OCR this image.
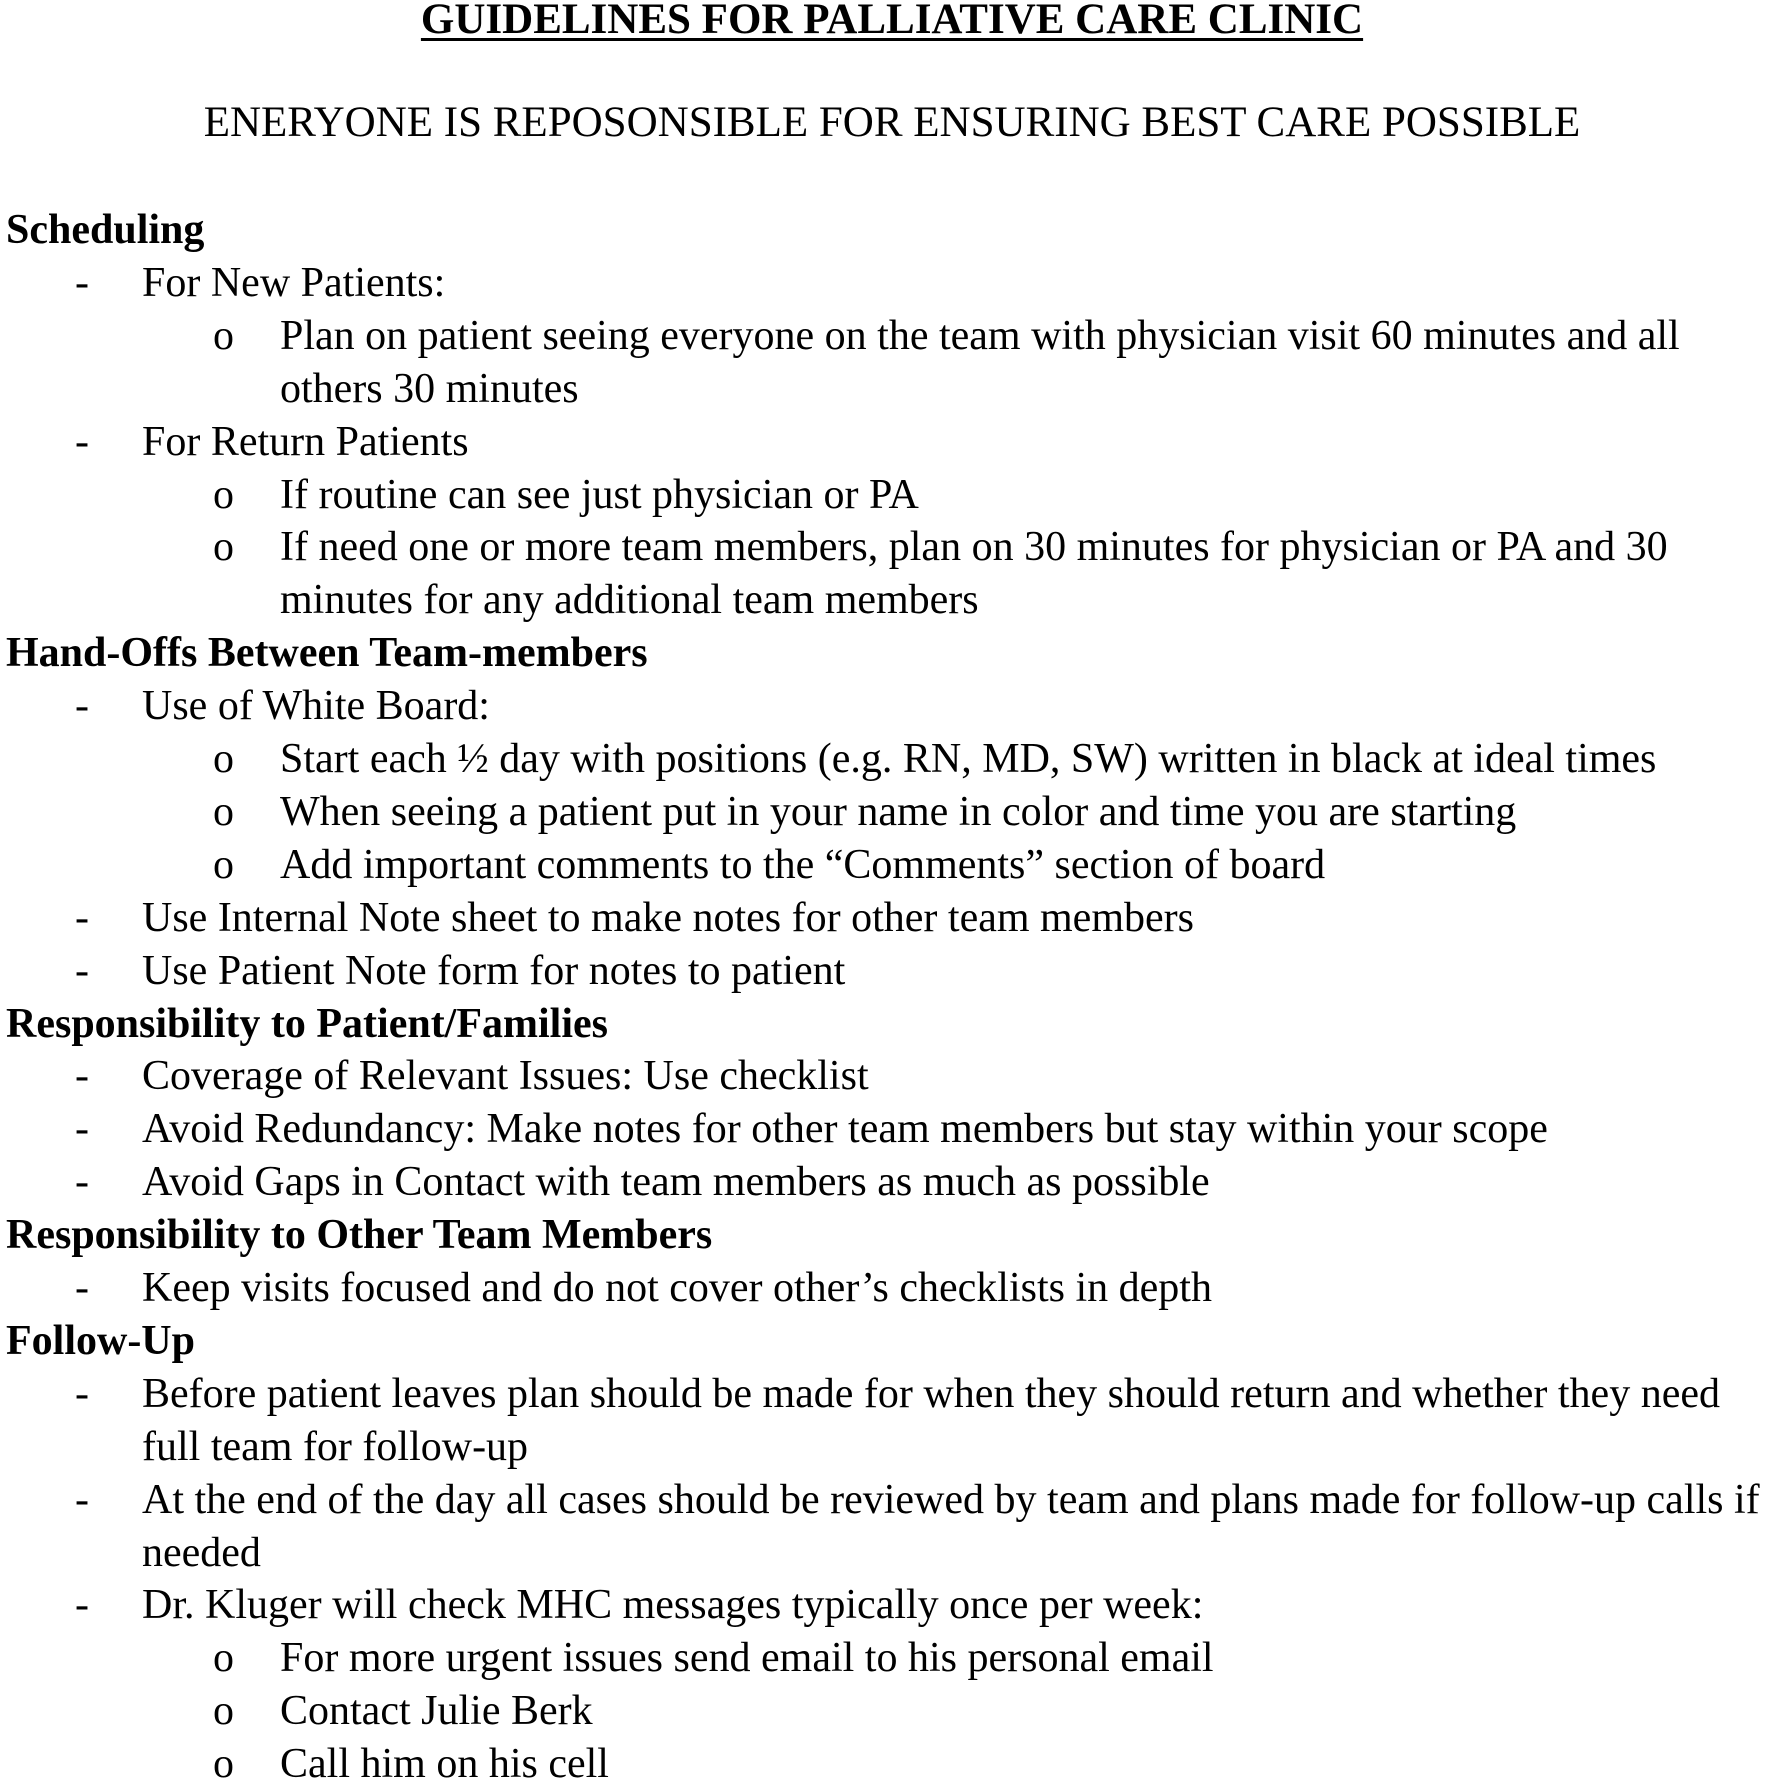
GUIDELINES FOR PALLIATIVE CARE CLINIC
ENERYONE IS REPOSONSIBLE FOR ENSURING BEST CARE POSSIBLE
Scheduling
- For New Patients:
o Plan on patient seeing everyone on the team with physician visit 60 minutes and all others 30 minutes
- For Return Patients
o If routine can see just physician or PA
o If need one or more team members, plan on 30 minutes for physician or PA and 30 minutes for any additional team members
Hand-Offs Between Team-members
- Use of White Board:
o Start each ½ day with positions (e.g. RN, MD, SW) written in black at ideal times
o When seeing a patient put in your name in color and time you are starting
o Add important comments to the “Comments” section of board
- Use Internal Note sheet to make notes for other team members
- Use Patient Note form for notes to patient
Responsibility to Patient/Families
- Coverage of Relevant Issues: Use checklist
- Avoid Redundancy: Make notes for other team members but stay within your scope
- Avoid Gaps in Contact with team members as much as possible
Responsibility to Other Team Members
- Keep visits focused and do not cover other’s checklists in depth
Follow-Up
- Before patient leaves plan should be made for when they should return and whether they need full team for follow-up
- At the end of the day all cases should be reviewed by team and plans made for follow-up calls if needed
- Dr. Kluger will check MHC messages typically once per week:
o For more urgent issues send email to his personal email
o Contact Julie Berk
o Call him on his cell
